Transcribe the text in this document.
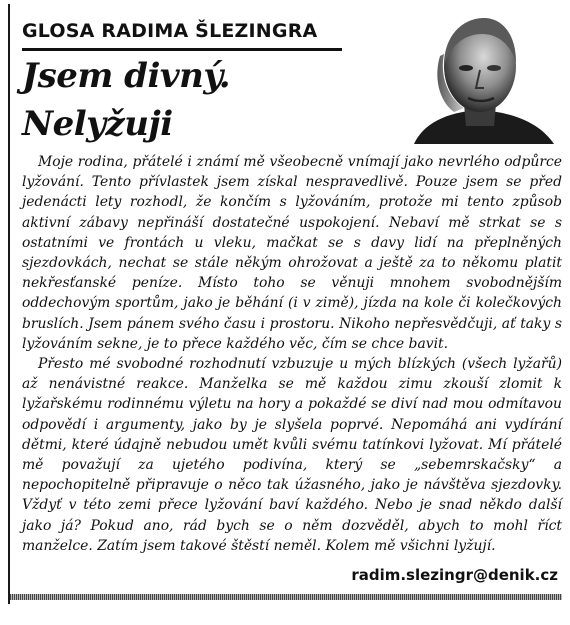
GLOSA RADIMA ŠLEZINGRA
Jsem divný.
Nelyžuji

Moje rodina, přátelé i známí mě všeobecně vnímají jako nevrlého odpůrce lyžování. Tento přívlastek jsem získal nespravedlivě. Pouze jsem se před jedenácti lety rozhodl, že končím s lyžováním, protože mi tento způsob aktivní zábavy nepřináší dostatečné uspokojení. Nebaví mě strkat se s ostatními ve frontách u vleku, mačkat se s davy lidí na přeplněných sjezdovkách, nechat se stále někým ohrožovat a ještě za to někomu platit nekřesťanské peníze. Místo toho se věnuji mnohem svobodnějším oddechovým sportům, jako je běhání (i v zimě), jízda na kole či kolečkových bruslích. Jsem pánem svého času i prostoru. Nikoho nepřesvědčuji, ať taky s lyžováním sekne, je to přece každého věc, čím se chce bavit.

Přesto mé svobodné rozhodnutí vzbuzuje u mých blízkých (všech lyžařů) až nenávistné reakce. Manželka se mě každou zimu zkouší zlomit k lyžařskému rodinnému výletu na hory a pokaždé se diví nad mou odmítavou odpovědí i argumenty, jako by je slyšela poprvé. Nepomáhá ani vydírání dětmi, které údajně nebudou umět kvůli svému tatínkovi lyžovat. Mí přátelé mě považují za ujetého podivína, který se „sebemrskačsky“ a nepochopitelně připravuje o něco tak úžasného, jako je návštěva sjezdovky. Vždyť v této zemi přece lyžování baví každého. Nebo je snad někdo další jako já? Pokud ano, rád bych se o něm dozvěděl, abych to mohl říct manželce. Zatím jsem takové štěstí neměl. Kolem mě všichni lyžují.

radim.slezingr@denik.cz
